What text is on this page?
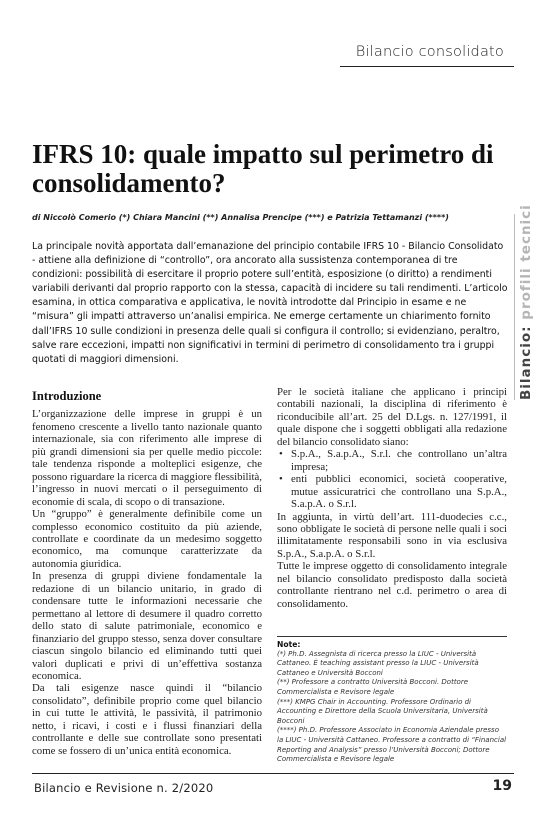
Bilancio consolidato
Bilancio: profili tecnici
IFRS 10: quale impatto sul perimetro di consolidamento?
di Niccolò Comerio (*) Chiara Mancini (**) Annalisa Prencipe (***) e Patrizia Tettamanzi (****)

La principale novità apportata dall’emanazione del principio contabile IFRS 10 - Bilancio Consolidato - attiene alla definizione di “controllo”, ora ancorato alla sussistenza contemporanea di tre condizioni: possibilità di esercitare il proprio potere sull’entità, esposizione (o diritto) a rendimenti variabili derivanti dal proprio rapporto con la stessa, capacità di incidere su tali rendimenti. L’articolo esamina, in ottica comparativa e applicativa, le novità introdotte dal Principio in esame e ne “misura” gli impatti attraverso un’analisi empirica. Ne emerge certamente un chiarimento fornito dall’IFRS 10 sulle condizioni in presenza delle quali si configura il controllo; si evidenziano, peraltro, salve rare eccezioni, impatti non significativi in termini di perimetro di consolidamento tra i gruppi quotati di maggiori dimensioni.

Introduzione

L’organizzazione delle imprese in gruppi è un fenomeno crescente a livello tanto nazionale quanto internazionale, sia con riferimento alle imprese di più grandi dimensioni sia per quelle medio piccole: tale tendenza risponde a molteplici esigenze, che possono riguardare la ricerca di maggiore flessibilità, l’ingresso in nuovi mercati o il perseguimento di economie di scala, di scopo o di transazione.

Un “gruppo” è generalmente definibile come un complesso economico costituito da più aziende, controllate e coordinate da un medesimo soggetto economico, ma comunque caratterizzate da autonomia giuridica.

In presenza di gruppi diviene fondamentale la redazione di un bilancio unitario, in grado di condensare tutte le informazioni necessarie che permettano al lettore di desumere il quadro corretto dello stato di salute patrimoniale, economico e finanziario del gruppo stesso, senza dover consultare ciascun singolo bilancio ed eliminando tutti quei valori duplicati e privi di un’effettiva sostanza economica.

Da tali esigenze nasce quindi il “bilancio consolidato”, definibile proprio come quel bilancio in cui tutte le attività, le passività, il patrimonio netto, i ricavi, i costi e i flussi finanziari della controllante e delle sue controllate sono presentati come se fossero di un’unica entità economica.

Per le società italiane che applicano i principi contabili nazionali, la disciplina di riferimento è riconducibile all’art. 25 del D.Lgs. n. 127/1991, il quale dispone che i soggetti obbligati alla redazione del bilancio consolidato siano:

• S.p.A., S.a.p.A., S.r.l. che controllano un’altra impresa;
• enti pubblici economici, società cooperative, mutue assicuratrici che controllano una S.p.A., S.a.p.A. o S.r.l.

In aggiunta, in virtù dell’art. 111-duodecies c.c., sono obbligate le società di persone nelle quali i soci illimitatamente responsabili sono in via esclusiva S.p.A., S.a.p.A. o S.r.l.

Tutte le imprese oggetto di consolidamento integrale nel bilancio consolidato predisposto dalla società controllante rientrano nel c.d. perimetro o area di consolidamento.

Note:
(*) Ph.D. Assegnista di ricerca presso la LIUC - Università Cattaneo. È teaching assistant presso la LIUC - Università Cattaneo e Università Bocconi
(**) Professore a contratto Università Bocconi. Dottore Commercialista e Revisore legale
(***) KMPG Chair in Accounting. Professore Ordinario di Accounting e Direttore della Scuola Universitaria, Università Bocconi
(****) Ph.D. Professore Associato in Economia Aziendale presso la LIUC - Università Cattaneo. Professore a contratto di “Financial Reporting and Analysis” presso l’Università Bocconi; Dottore Commercialista e Revisore legale
Bilancio e Revisione n. 2/2020	19
